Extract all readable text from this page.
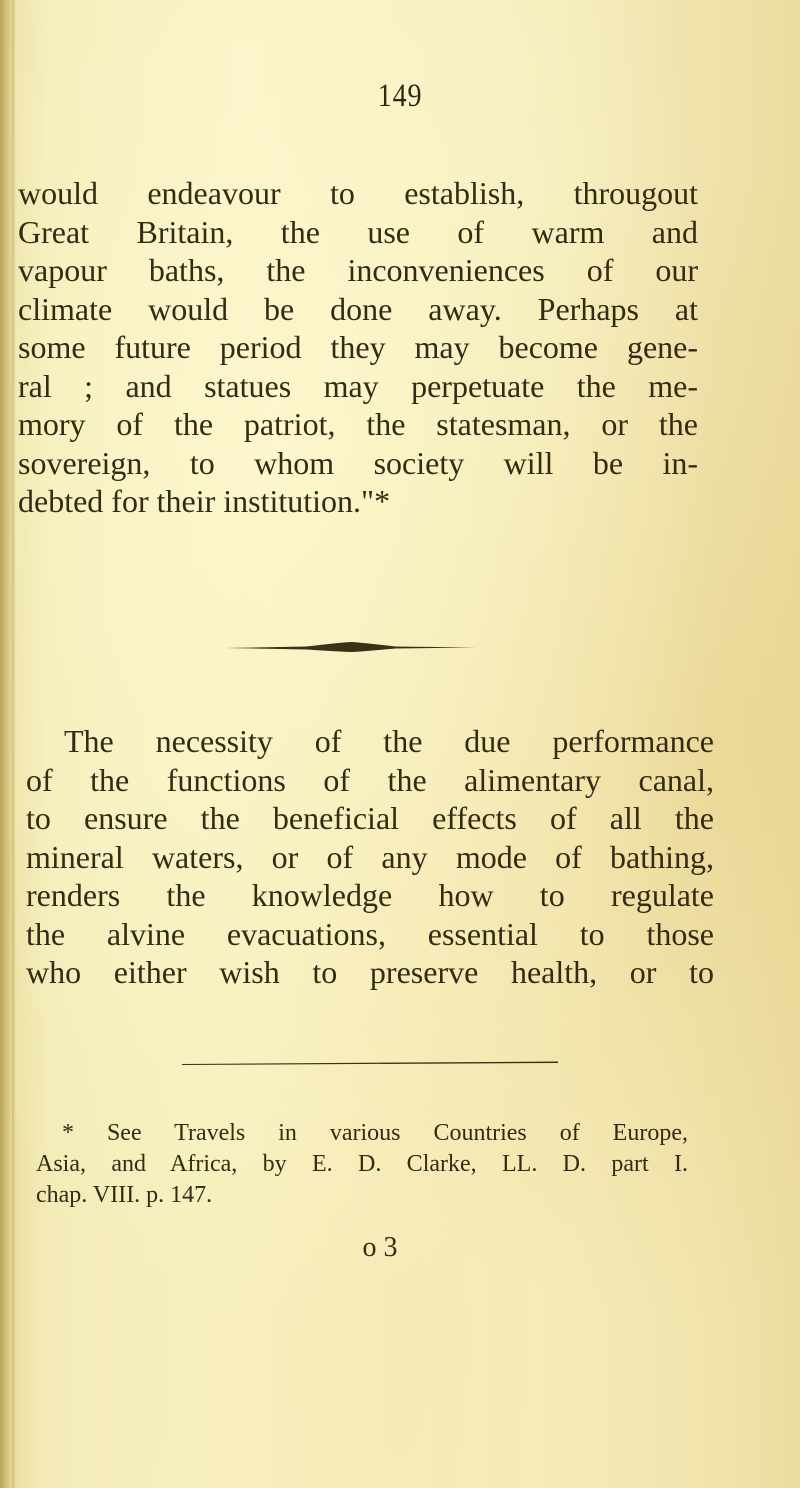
149
would endeavour to establish, througout
Great Britain, the use of warm and
vapour baths, the inconveniences of our
climate would be done away. Perhaps at
some future period they may become gene-
ral ; and statues may perpetuate the me-
mory of the patriot, the statesman, or the
sovereign, to whom society will be in-
debted for their institution."*
The necessity of the due performance
of the functions of the alimentary canal,
to ensure the beneficial effects of all the
mineral waters, or of any mode of bathing,
renders the knowledge how to regulate
the alvine evacuations, essential to those
who either wish to preserve health, or to
* See Travels in various Countries of Europe,
Asia, and Africa, by E. D. Clarke, LL. D. part I.
chap. VIII. p. 147.
o 3
